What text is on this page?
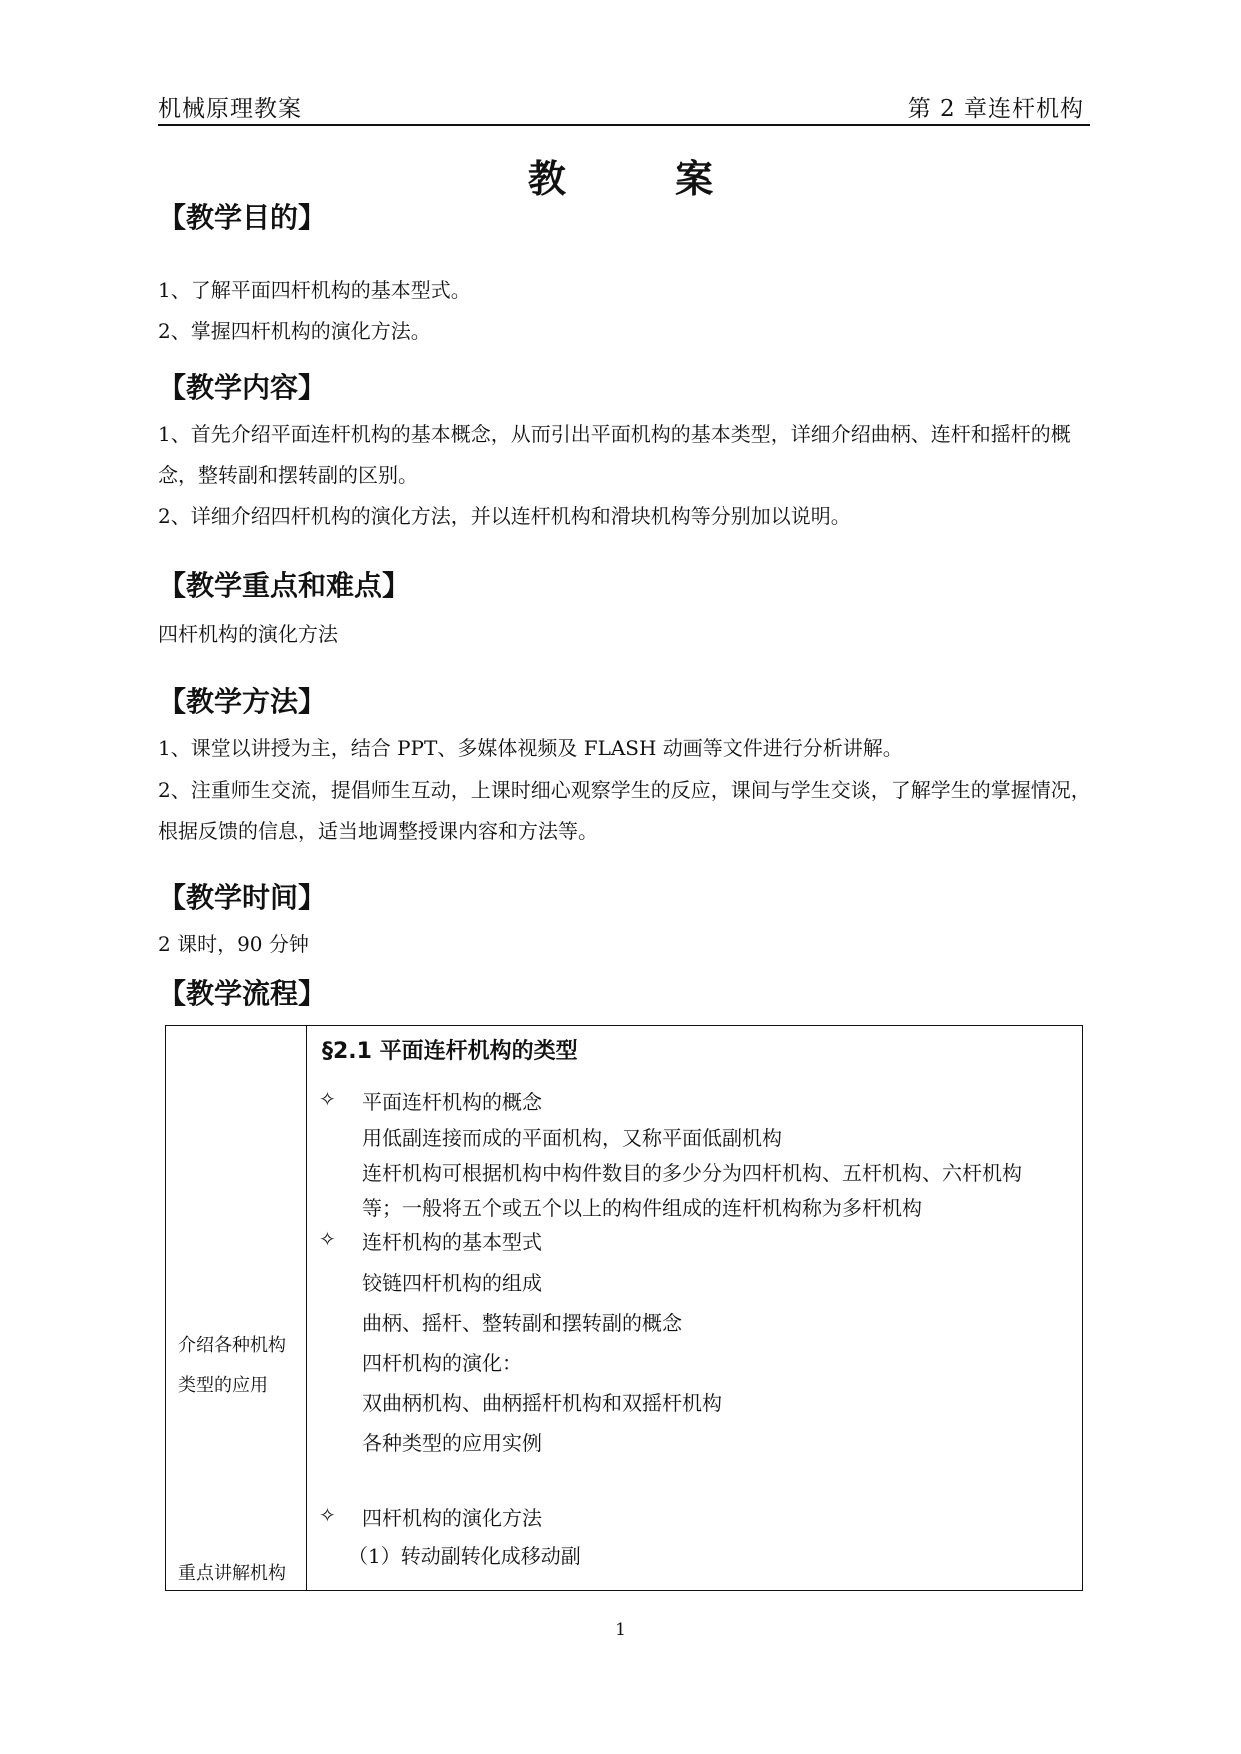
机械原理教案	第 2 章连杆机构
教 案
【教学目的】
1、了解平面四杆机构的基本型式。
2、掌握四杆机构的演化方法。
【教学内容】
1、首先介绍平面连杆机构的基本概念，从而引出平面机构的基本类型，详细介绍曲柄、连杆和摇杆的概念，整转副和摆转副的区别。
2、详细介绍四杆机构的演化方法，并以连杆机构和滑块机构等分别加以说明。
【教学重点和难点】
四杆机构的演化方法
【教学方法】
1、课堂以讲授为主，结合 PPT、多媒体视频及 FLASH 动画等文件进行分析讲解。
2、注重师生交流，提倡师生互动，上课时细心观察学生的反应，课间与学生交谈，了解学生的掌握情况，根据反馈的信息，适当地调整授课内容和方法等。
【教学时间】
2 课时，90 分钟
【教学流程】
介绍各种机构类型的应用
重点讲解机构
§2.1 平面连杆机构的类型
✧ 平面连杆机构的概念
用低副连接而成的平面机构，又称平面低副机构
连杆机构可根据机构中构件数目的多少分为四杆机构、五杆机构、六杆机构
等；一般将五个或五个以上的构件组成的连杆机构称为多杆机构
✧ 连杆机构的基本型式
铰链四杆机构的组成
曲柄、摇杆、整转副和摆转副的概念
四杆机构的演化：
双曲柄机构、曲柄摇杆机构和双摇杆机构
各种类型的应用实例
✧ 四杆机构的演化方法
（1）转动副转化成移动副
1
